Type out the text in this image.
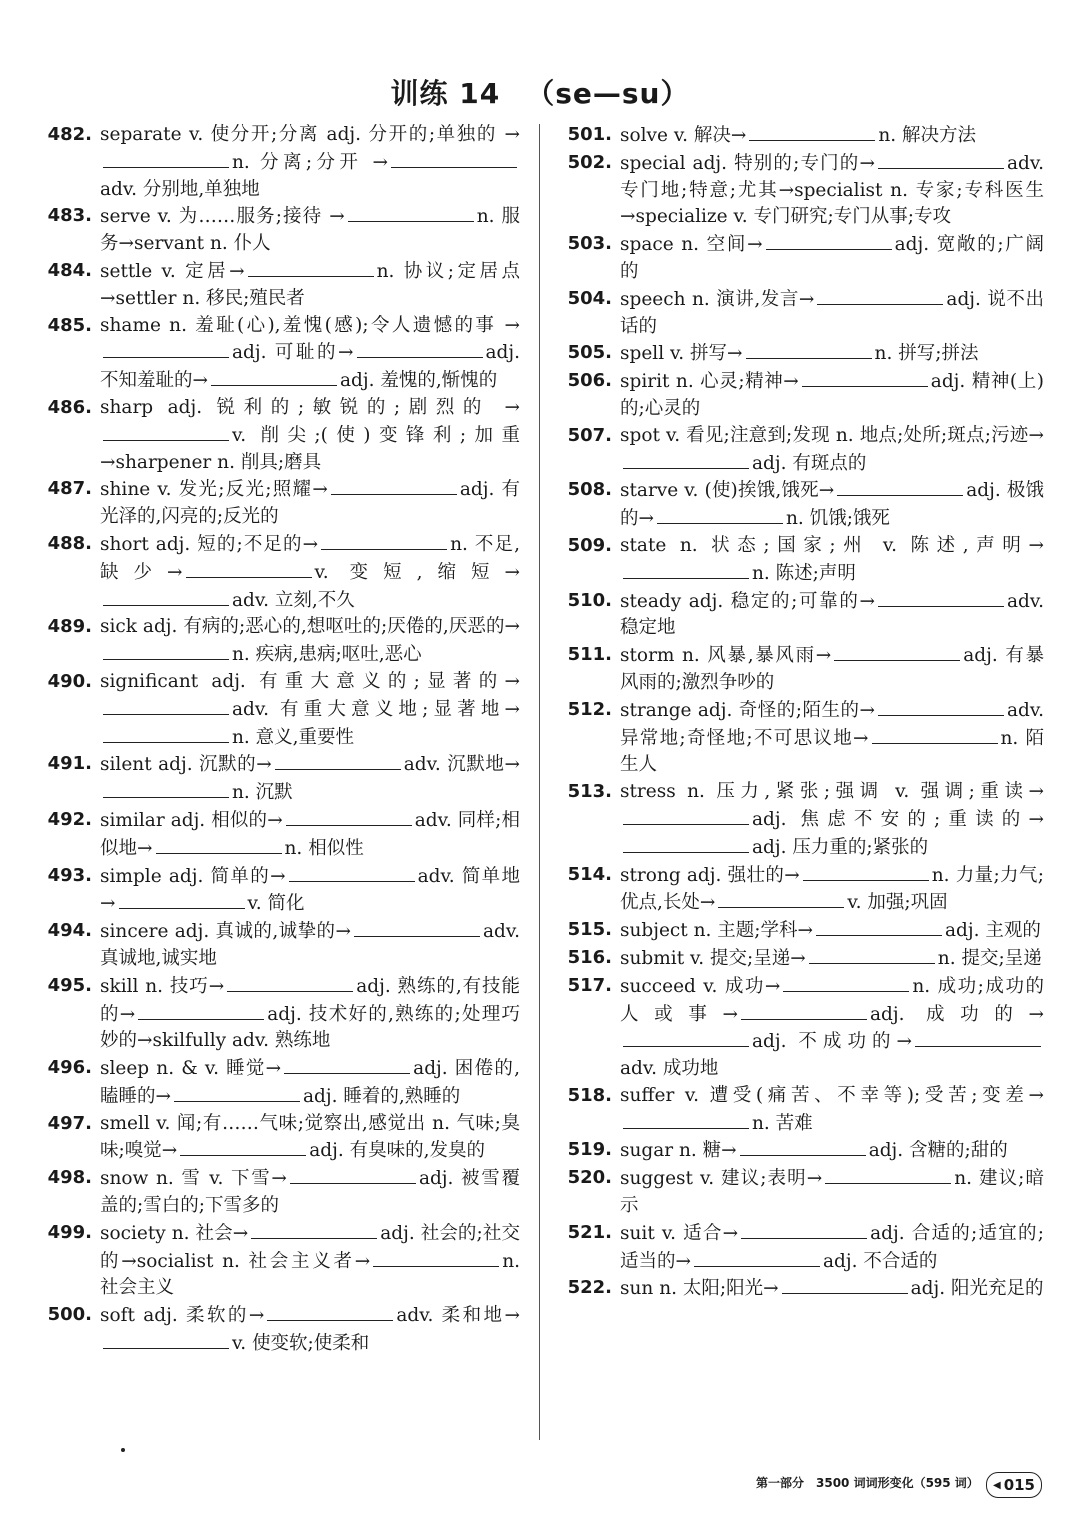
训练 14 （se—su）
482. separate v. 使分开;分离 adj. 分开的;单独的 →n. 分离;分开 →adv. 分别地,单独地
483. serve v. 为……服务;接待 →	n. 服务→servant n. 仆人
484. settle v. 定居→	n. 协议;定居点→settler n. 移民;殖民者
485. shame n. 羞耻(心),羞愧(感);令人遗憾的事 →adj. 可耻的→	adj. 不知羞耻的→	adj. 羞愧的,惭愧的
486. sharp adj. 锐利的;敏锐的;剧烈的 →v. 削尖;(使)变锋利;加重→sharpener n. 削具;磨具
487. shine v. 发光;反光;照耀→	adj. 有光泽的,闪亮的;反光的
488. short adj. 短的;不足的→	n. 不足,缺少→	v. 变短,缩短→adv. 立刻,不久
489. sick adj. 有病的;恶心的,想呕吐的;厌倦的,厌恶的→n. 疾病,患病;呕吐,恶心
490. significant adj. 有重大意义的;显著的→adv. 有重大意义地;显著地→n. 意义,重要性
491. silent adj. 沉默的→	adv. 沉默地→n. 沉默
492. similar adj. 相似的→	adv. 同样;相似地→	n. 相似性
493. simple adj. 简单的→	adv. 简单地→	v. 简化
494. sincere adj. 真诚的,诚挚的→	adv. 真诚地,诚实地
495. skill n. 技巧→	adj. 熟练的,有技能的→	adj. 技术好的,熟练的;处理巧妙的→skilfully adv. 熟练地
496. sleep n. & v. 睡觉→	adj. 困倦的,瞌睡的→	adj. 睡着的,熟睡的
497. smell v. 闻;有……气味;觉察出,感觉出 n. 气味;臭味;嗅觉→	adj. 有臭味的,发臭的
498. snow n. 雪 v. 下雪→	adj. 被雪覆盖的;雪白的;下雪多的
499. society n. 社会→	adj. 社会的;社交的→socialist n. 社会主义者→	n. 社会主义
500. soft adj. 柔软的→	adv. 柔和地→v. 使变软;使柔和
501. solve v. 解决→	n. 解决方法
502. special adj. 特别的;专门的→	adv. 专门地;特意;尤其→specialist n. 专家;专科医生→specialize v. 专门研究;专门从事;专攻
503. space n. 空间→	adj. 宽敞的;广阔的
504. speech n. 演讲,发言→	adj. 说不出话的
505. spell v. 拼写→	n. 拼写;拼法
506. spirit n. 心灵;精神→	adj. 精神(上)的;心灵的
507. spot v. 看见;注意到;发现 n. 地点;处所;斑点;污迹→adj. 有斑点的
508. starve v. (使)挨饿,饿死→	adj. 极饿的→	n. 饥饿;饿死
509. state n. 状态;国家;州 v. 陈述,声明→n. 陈述;声明
510. steady adj. 稳定的;可靠的→	adv. 稳定地
511. storm n. 风暴,暴风雨→	adj. 有暴风雨的;激烈争吵的
512. strange adj. 奇怪的;陌生的→	adv. 异常地;奇怪地;不可思议地→	n. 陌生人
513. stress n. 压力,紧张;强调 v. 强调;重读→adj. 焦虑不安的;重读的→adj. 压力重的;紧张的
514. strong adj. 强壮的→	n. 力量;力气;优点,长处→	v. 加强;巩固
515. subject n. 主题;学科→	adj. 主观的
516. submit v. 提交;呈递→	n. 提交;呈递
517. succeed v. 成功→	n. 成功;成功的人或事→	adj. 成功的→adj. 不成功的→adv. 成功地
518. suffer v. 遭受(痛苦、不幸等);受苦;变差→n. 苦难
519. sugar n. 糖→	adj. 含糖的;甜的
520. suggest v. 建议;表明→	n. 建议;暗示
521. suit v. 适合→	adj. 合适的;适宜的;适当的→	adj. 不合适的
522. sun n. 太阳;阳光→	adj. 阳光充足的
第一部分　3500 词词形变化（595 词） ◀ 015
